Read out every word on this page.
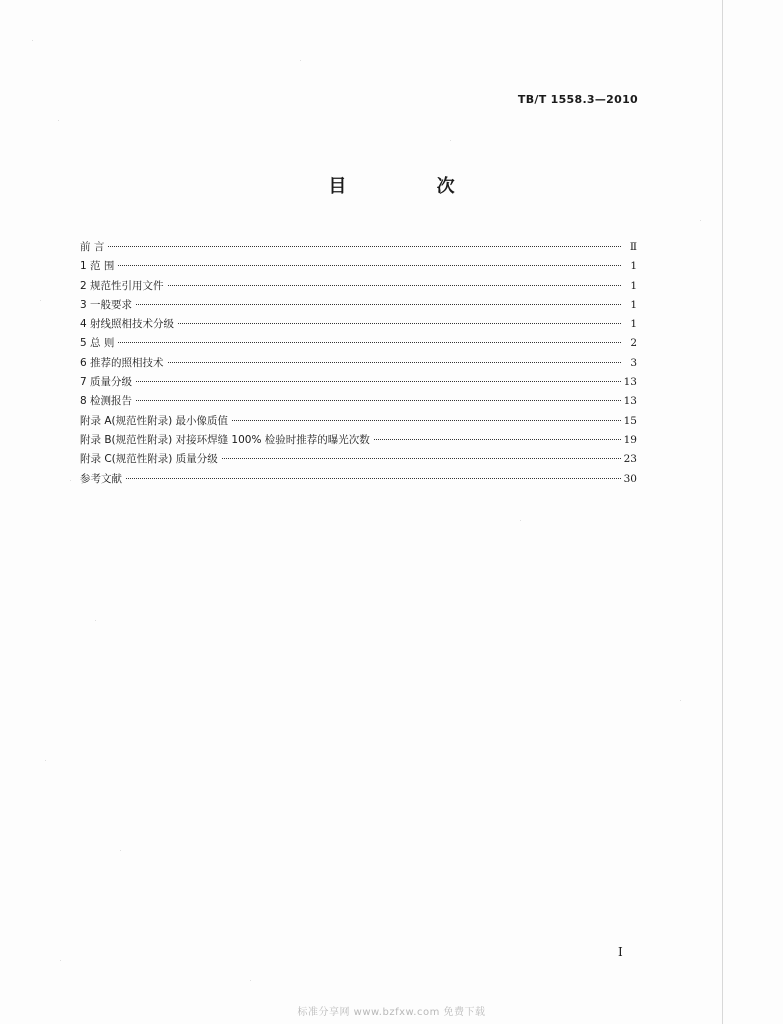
TB/T 1558.3—2010
目 次
前 言	Ⅱ
1 范 围	1
2 规范性引用文件	1
3 一般要求	1
4 射线照相技术分级	1
5 总 则	2
6 推荐的照相技术	3
7 质量分级	13
8 检测报告	13
附录 A(规范性附录) 最小像质值	15
附录 B(规范性附录) 对接环焊缝 100% 检验时推荐的曝光次数	19
附录 C(规范性附录) 质量分级	23
参考文献	30
I
标准分享网 www.bzfxw.com 免费下载
